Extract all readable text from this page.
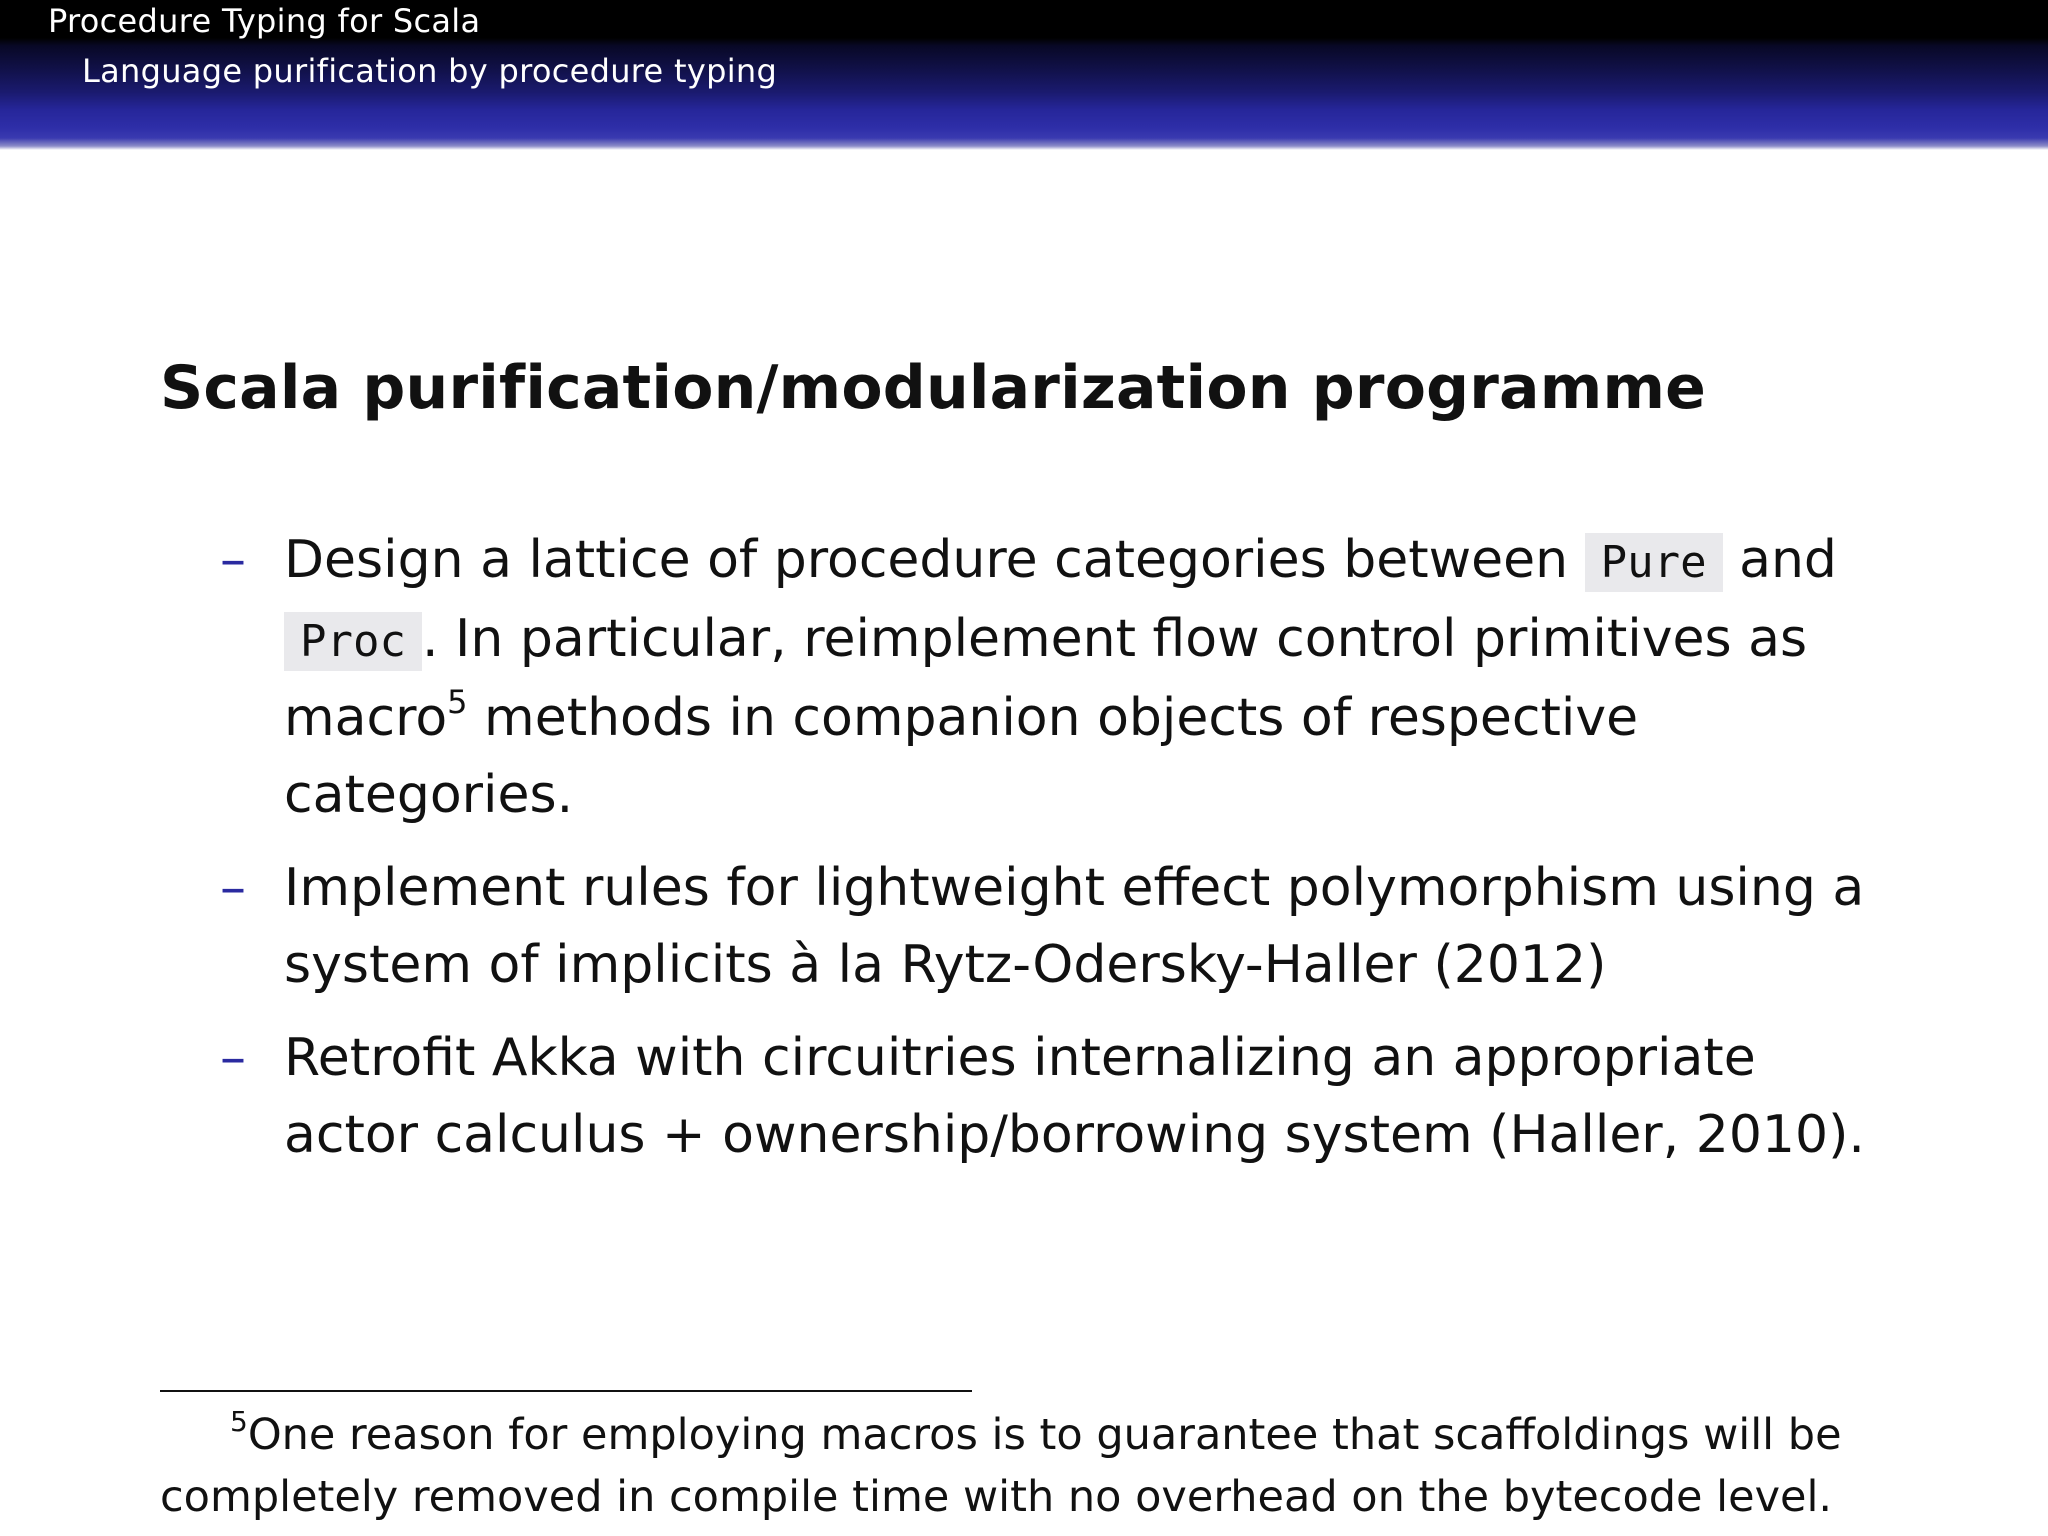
Procedure Typing for Scala
Language purification by procedure typing
Scala purification/modularization programme
– Design a lattice of procedure categories between Pure and Proc . In particular, reimplement flow control primitives as macro$^5$ methods in companion objects of respective categories.
– Implement rules for lightweight effect polymorphism using a system of implicits à la Rytz-Odersky-Haller (2012)
– Retrofit Akka with circuitries internalizing an appropriate actor calculus + ownership/borrowing system (Haller, 2010).
5One reason for employing macros is to guarantee that scaffoldings will be completely removed in compile time with no overhead on the bytecode level.
